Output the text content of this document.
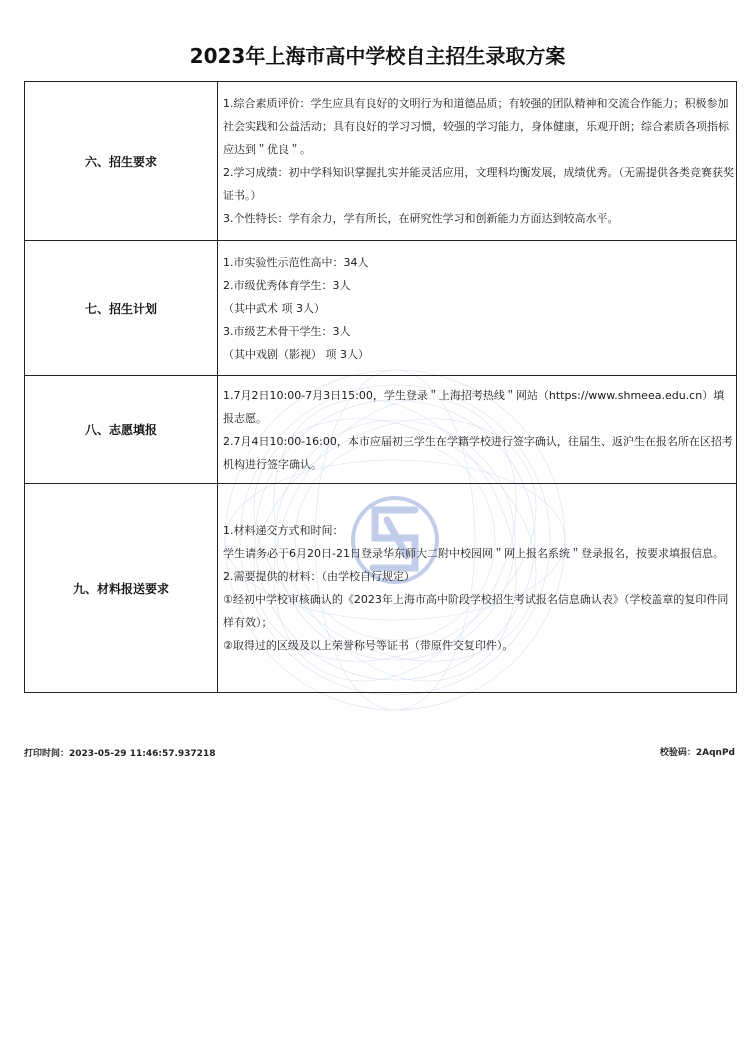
2023年上海市高中学校自主招生录取方案
六、招生要求	1.综合素质评价：学生应具有良好的文明行为和道德品质；有较强的团队精神和交流合作能力；积极参加社会实践和公益活动；具有良好的学习习惯，较强的学习能力，身体健康，乐观开朗；综合素质各项指标应达到＂优良＂。

2.学习成绩：初中学科知识掌握扎实并能灵活应用，文理科均衡发展，成绩优秀。（无需提供各类竞赛获奖证书。）

3.个性特长：学有余力，学有所长，在研究性学习和创新能力方面达到较高水平。

七、招生计划	1.市实验性示范性高中：34人

2.市级优秀体育学生：3人

（其中武术 项 3人）

3.市级艺术骨干学生：3人

（其中戏剧（影视） 项 3人）

八、志愿填报	1.7月2日10:00-7月3日15:00，学生登录＂上海招考热线＂网站（https://www.shmeea.edu.cn）填报志愿。

2.7月4日10:00-16:00，本市应届初三学生在学籍学校进行签字确认，往届生、返沪生在报名所在区招考机构进行签字确认。

九、材料报送要求	1.材料递交方式和时间：

学生请务必于6月20日-21日登录华东师大二附中校园网＂网上报名系统＂登录报名，按要求填报信息。

2.需要提供的材料：（由学校自行规定）

①经初中学校审核确认的《2023年上海市高中阶段学校招生考试报名信息确认表》（学校盖章的复印件同样有效）；

②取得过的区级及以上荣誉称号等证书（带原件交复印件）。

打印时间：2023-05-29 11:46:57.937218	校验码：2AqnPd
